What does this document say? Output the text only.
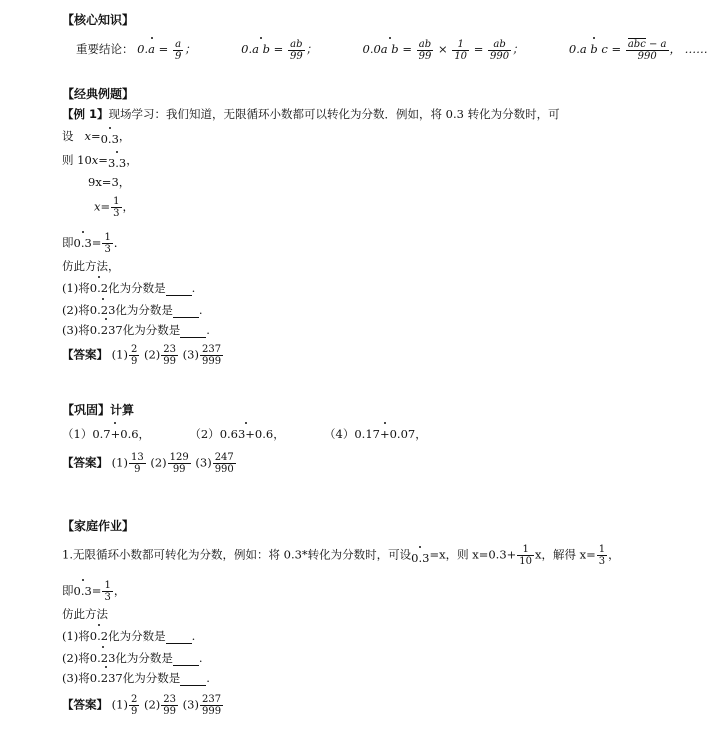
【核心知识】
重要结论： $0.a = \frac{a}{9}$ ；	0.a $b = \frac{ab}{99}$ ；	0.0a $b = \frac{ab}{99} \times \frac{1}{10} = \frac{ab}{990}$ ；	0.a b $c = \frac{\text{abc − a}}{990}$ ， ……
【经典例题】
【例 1】现场学习：我们知道，无限循环小数都可以转化为分数．例如，将 0.3 转化为分数时，可
设 x=0.3，
则 10x=3.3，
9x=3，
$x= \frac{1}{3}$ ，
即$0.3= \frac{1}{3}$ ．
仿此方法，
(1)将0.2化为分数是 .
(2)将0.23化为分数是 .
(3)将0.237化为分数是 .
【答案】 $(1) \frac{2}{9} (2) \frac{23}{99} (3) \frac{237}{999}$
【巩固】计算
（1）0.7+0.6，	（2）0.63+0.6，	（4）0.17+0.07，
【答案】 $(1) \frac{13}{9} (2) \frac{129}{99} (3) \frac{247}{990}$
【家庭作业】
1.无限循环小数都可转化为分数，例如：将 0.3*转化为分数时，可设0.3=x，则 $x=0.3+ \frac{1}{10}$ x，解得 $x= \frac{1}{3}$ ，
即$0.3= \frac{1}{3}$ ，
仿此方法
(1)将0.2化为分数是 .
(2)将0.23化为分数是 .
(3)将0.237化为分数是 .
【答案】 $(1) \frac{2}{9} (2) \frac{23}{99} (3) \frac{237}{999}$
